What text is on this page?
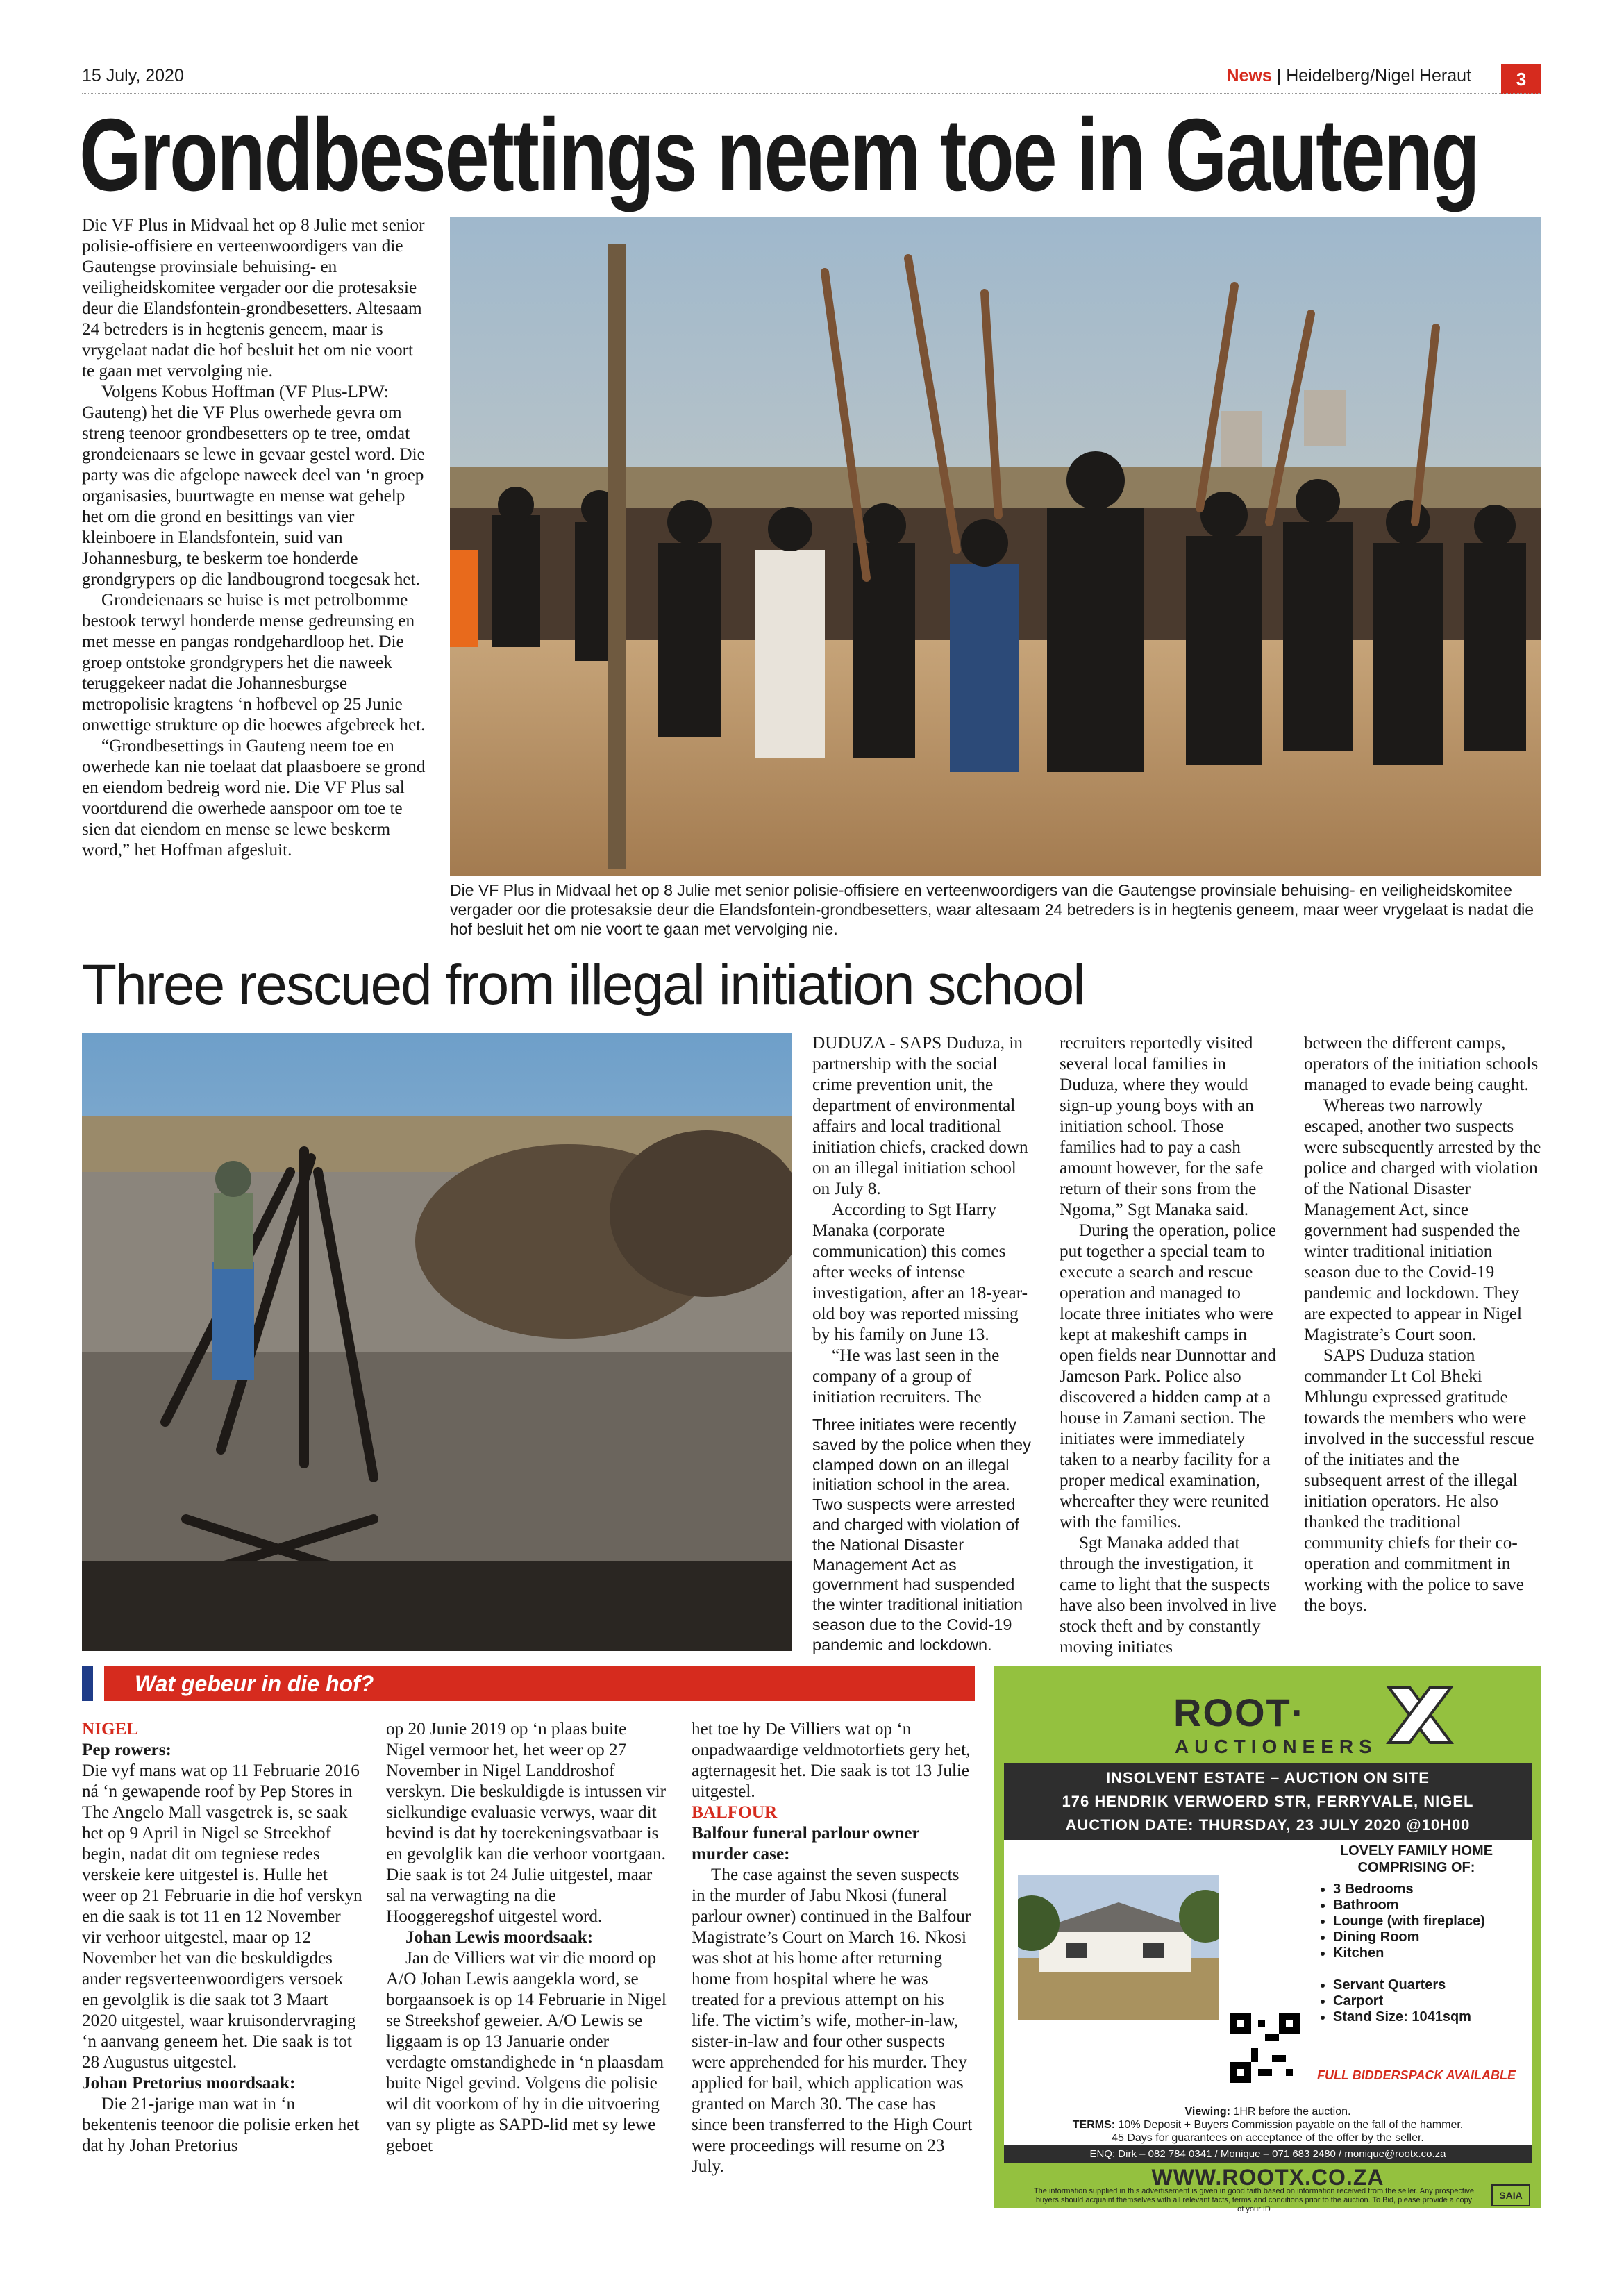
15 July, 2020	News | Heidelberg/Nigel Heraut	3
Grondbesettings neem toe in Gauteng

Die VF Plus in Midvaal het op 8 Julie met senior polisie-offisiere en verteenwoordigers van die Gautengse provinsiale behuising- en veiligheidskomitee vergader oor die protesaksie deur die Elandsfontein-grondbesetters. Altesaam 24 betreders is in hegtenis geneem, maar is vrygelaat nadat die hof besluit het om nie voort te gaan met vervolging nie.

Volgens Kobus Hoffman (VF Plus-LPW: Gauteng) het die VF Plus owerhede gevra om streng teenoor grondbesetters op te tree, omdat grondeienaars se lewe in gevaar gestel word. Die party was die afgelope naweek deel van ‘n groep organisasies, buurtwagte en mense wat gehelp het om die grond en besittings van vier kleinboere in Elandsfontein, suid van Johannesburg, te beskerm toe honderde grondgrypers op die landbougrond toegesak het.

Grondeienaars se huise is met petrolbomme bestook terwyl honderde mense gedreunsing en met messe en pangas rondgehardloop het. Die groep ontstoke grondgrypers het die naweek teruggekeer nadat die Johannesburgse metropolisie kragtens ‘n hofbevel op 25 Junie onwettige strukture op die hoewes afgebreek het.

“Grondbesettings in Gauteng neem toe en owerhede kan nie toelaat dat plaasboere se grond en eiendom bedreig word nie. Die VF Plus sal voortdurend die owerhede aanspoor om toe te sien dat eiendom en mense se lewe beskerm word,” het Hoffman afgesluit.

Die VF Plus in Midvaal het op 8 Julie met senior polisie-offisiere en verteenwoordigers van die Gautengse provinsiale behuising- en veiligheidskomitee vergader oor die protesaksie deur die Elandsfontein-grondbesetters, waar altesaam 24 betreders is in hegtenis geneem, maar weer vrygelaat is nadat die hof besluit het om nie voort te gaan met vervolging nie.
Three rescued from illegal initiation school

DUDUZA - SAPS Duduza, in partnership with the social crime prevention unit, the department of environmental affairs and local traditional initiation chiefs, cracked down on an illegal initiation school on July 8.

According to Sgt Harry Manaka (corporate communication) this comes after weeks of intense investigation, after an 18-year-old boy was reported missing by his family on June 13.

“He was last seen in the company of a group of initiation recruiters. The

Three initiates were recently saved by the police when they clamped down on an illegal initiation school in the area. Two suspects were arrested and charged with violation of the National Disaster Management Act as government had suspended the winter traditional initiation season due to the Covid-19 pandemic and lockdown.

recruiters reportedly visited several local families in Duduza, where they would sign-up young boys with an initiation school. Those families had to pay a cash amount however, for the safe return of their sons from the Ngoma,” Sgt Manaka said.

During the operation, police put together a special team to execute a search and rescue operation and managed to locate three initiates who were kept at makeshift camps in open fields near Dunnottar and Jameson Park. Police also discovered a hidden camp at a house in Zamani section. The initiates were immediately taken to a nearby facility for a proper medical examination, whereafter they were reunited with the families.

Sgt Manaka added that through the investigation, it came to light that the suspects have also been involved in live stock theft and by constantly moving initiates

between the different camps, operators of the initiation schools managed to evade being caught.

Whereas two narrowly escaped, another two suspects were subsequently arrested by the police and charged with violation of the National Disaster Management Act, since government had suspended the winter traditional initiation season due to the Covid-19 pandemic and lockdown. They are expected to appear in Nigel Magistrate’s Court soon.

SAPS Duduza station commander Lt Col Bheki Mhlungu expressed gratitude towards the members who were involved in the successful rescue of the initiates and the subsequent arrest of the illegal initiation operators. He also thanked the traditional community chiefs for their co-operation and commitment in working with the police to save the boys.

Wat gebeur in die hof?

NIGEL

Pep rowers:

Die vyf mans wat op 11 Februarie 2016 ná ‘n gewapende roof by Pep Stores in The Angelo Mall vasgetrek is, se saak het op 9 April in Nigel se Streekhof begin, nadat dit om tegniese redes verskeie kere uitgestel is. Hulle het weer op 21 Februarie in die hof verskyn en die saak is tot 11 en 12 November vir verhoor uitgestel, maar op 12 November het van die beskuldigdes ander regsverteenwoordigers versoek en gevolglik is die saak tot 3 Maart 2020 uitgestel, waar kruisondervraging ‘n aanvang geneem het. Die saak is tot 28 Augustus uitgestel.

Johan Pretorius moordsaak:

Die 21-jarige man wat in ‘n bekentenis teenoor die polisie erken het dat hy Johan Pretorius

op 20 Junie 2019 op ‘n plaas buite Nigel vermoor het, het weer op 27 November in Nigel Landdroshof verskyn. Die beskuldigde is intussen vir sielkundige evaluasie verwys, waar dit bevind is dat hy toerekeningsvatbaar is en gevolglik kan die verhoor voortgaan. Die saak is tot 24 Julie uitgestel, maar sal na verwagting na die Hooggeregshof uitgestel word.

Johan Lewis moordsaak:

Jan de Villiers wat vir die moord op A/O Johan Lewis aangekla word, se borgaansoek is op 14 Februarie in Nigel se Streekshof geweier. A/O Lewis se liggaam is op 13 Januarie onder verdagte omstandighede in ‘n plaasdam buite Nigel gevind. Volgens die polisie wil dit voorkom of hy in die uitvoering van sy pligte as SAPD-lid met sy lewe geboet

het toe hy De Villiers wat op ‘n onpadwaardige veldmotorfiets gery het, agternagesit het. Die saak is tot 13 Julie uitgestel.

BALFOUR

Balfour funeral parlour owner murder case:

The case against the seven suspects in the murder of Jabu Nkosi (funeral parlour owner) continued in the Balfour Magistrate’s Court on March 16. Nkosi was shot at his home after returning home from hospital where he was treated for a previous attempt on his life. The victim’s wife, mother-in-law, sister-in-law and four other suspects were apprehended for his murder. They applied for bail, which application was granted on March 30. The case has since been transferred to the High Court were proceedings will resume on 23 July.

ROOT·
AUCTIONEERS
INSOLVENT ESTATE – AUCTION ON SITE
176 HENDRIK VERWOERD STR, FERRYVALE, NIGEL
AUCTION DATE: THURSDAY, 23 JULY 2020 @10H00
LOVELY FAMILY HOME COMPRISING OF:
• 3 Bedrooms
• Bathroom
• Lounge (with fireplace)
• Dining Room
• Kitchen
• Servant Quarters
• Carport
• Stand Size: 1041sqm
FULL BIDDERSPACK AVAILABLE
Viewing: 1HR before the auction.
TERMS: 10% Deposit + Buyers Commission payable on the fall of the hammer.
45 Days for guarantees on acceptance of the offer by the seller.
ENQ: Dirk – 082 784 0341 / Monique – 071 683 2480 / monique@rootx.co.za
WWW.ROOTX.CO.ZA
The information supplied in this advertisement is given in good faith based on information received from the seller. Any prospective buyers should acquaint themselves with all relevant facts, terms and conditions prior to the auction. To Bid, please provide a copy of your ID
SAIA
